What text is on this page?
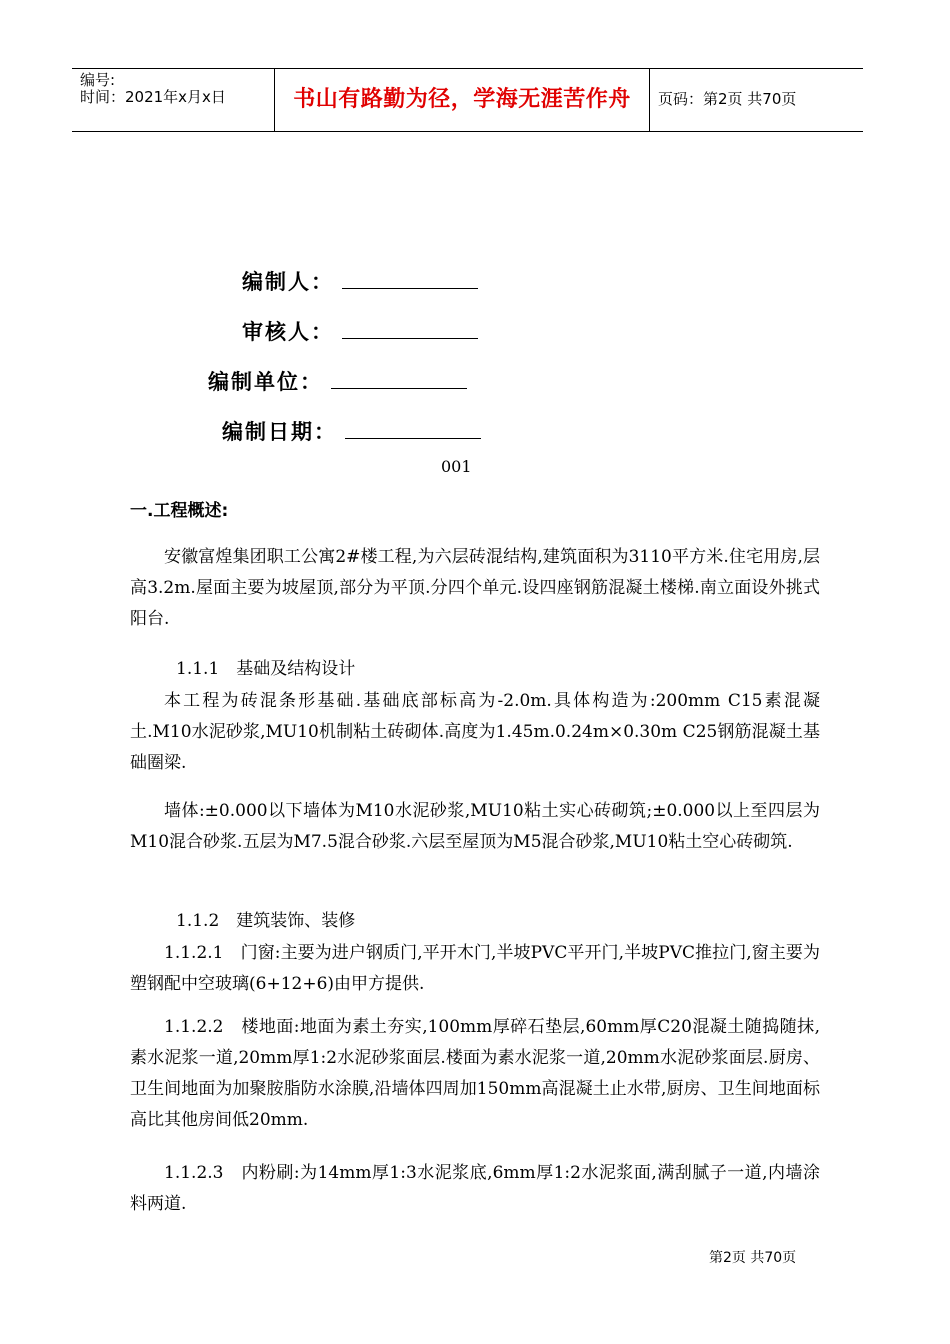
编号:
时间：2021年x月x日	书山有路勤为径，学海无涯苦作舟	页码：第2页 共70页
编制人：
审核人：
编制单位：
编制日期：
001
一.工程概述:
安徽富煌集团职工公寓2#楼工程,为六层砖混结构,建筑面积为3110平方米.住宅用房,层高3.2m.屋面主要为坡屋顶,部分为平顶.分四个单元.设四座钢筋混凝土楼梯.南立面设外挑式阳台.
1.1.1　基础及结构设计
本工程为砖混条形基础.基础底部标高为-2.0m.具体构造为:200mm C15素混凝土.M10水泥砂浆,MU10机制粘土砖砌体.高度为1.45m.0.24m×0.30m C25钢筋混凝土基础圈梁.
墙体:±0.000以下墙体为M10水泥砂浆,MU10粘土实心砖砌筑;±0.000以上至四层为M10混合砂浆.五层为M7.5混合砂浆.六层至屋顶为M5混合砂浆,MU10粘土空心砖砌筑.
1.1.2　建筑装饰、装修
1.1.2.1　门窗:主要为进户钢质门,平开木门,半坡PVC平开门,半坡PVC推拉门,窗主要为塑钢配中空玻璃(6+12+6)由甲方提供.
1.1.2.2　楼地面:地面为素土夯实,100mm厚碎石垫层,60mm厚C20混凝土随捣随抹,素水泥浆一道,20mm厚1:2水泥砂浆面层.楼面为素水泥浆一道,20mm水泥砂浆面层.厨房、卫生间地面为加聚胺脂防水涂膜,沿墙体四周加150mm高混凝土止水带,厨房、卫生间地面标高比其他房间低20mm.
1.1.2.3　内粉刷:为14mm厚1:3水泥浆底,6mm厚1:2水泥浆面,满刮腻子一道,内墙涂料两道.
第2页 共70页
